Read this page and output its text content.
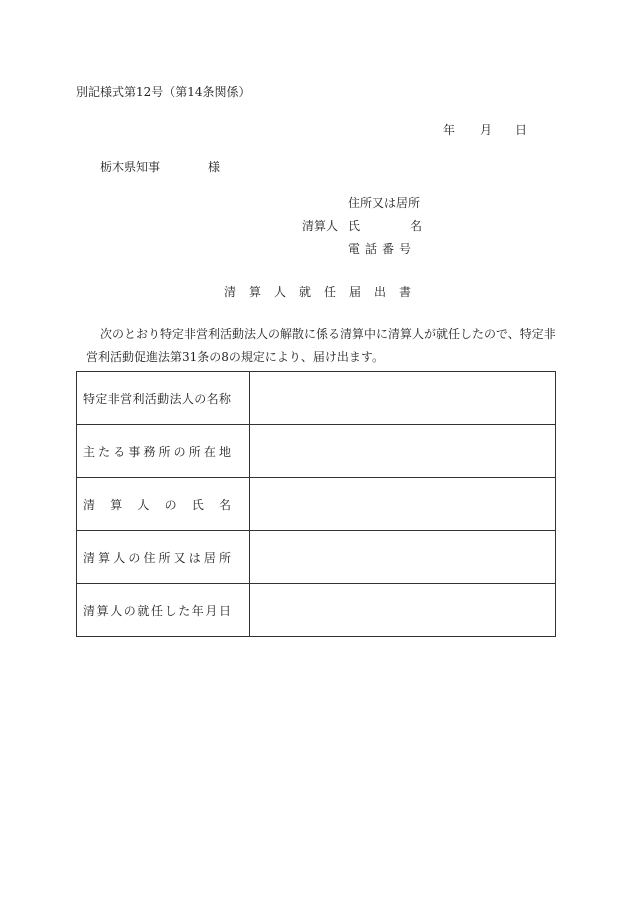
別記様式第12号（第14条関係）
年 月 日
栃木県知事	様
住所又は居所
清算人 氏	名
電話番号
清算人就任届出書
次のとおり特定非営利活動法人の解散に係る清算中に清算人が就任したので、特定非営利活動促進法第31条の8の規定により、届け出ます。
特定非営利活動法人の名称	

主たる事務所の所在地	

清算人の氏名	

清算人の住所又は居所	

清算人の就任した年月日	
